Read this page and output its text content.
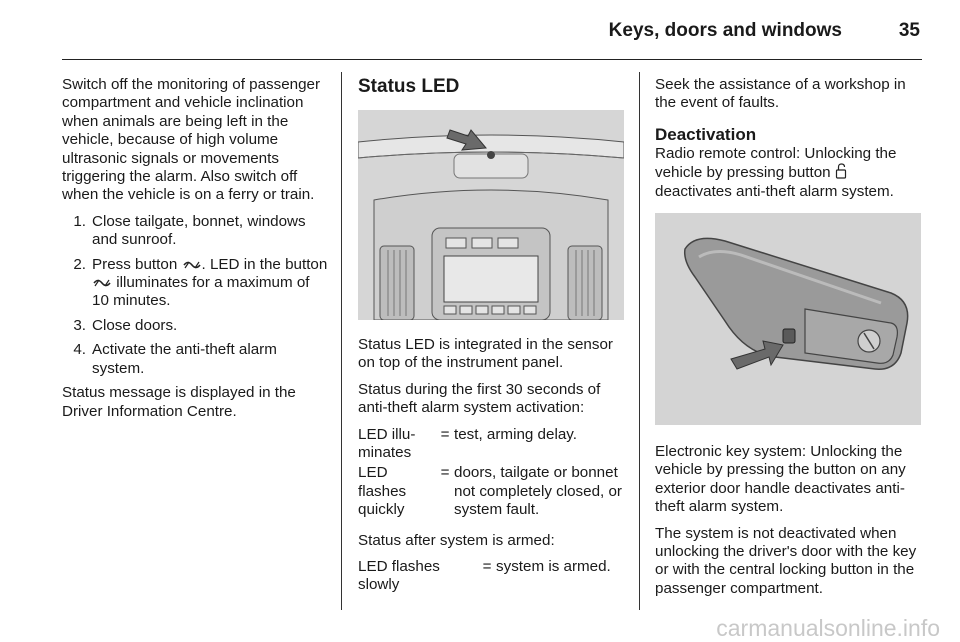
Keys, doors and windows	35

Switch off the monitoring of passenger compartment and vehicle inclination when animals are being left in the vehicle, because of high volume ultrasonic signals or movements triggering the alarm. Also switch off when the vehicle is on a ferry or train.

1. Close tailgate, bonnet, windows and sunroof.
2. Press button . LED in the button  illuminates for a maximum of 10 minutes.
3. Close doors.
4. Activate the anti-theft alarm system.

Status message is displayed in the Driver Information Centre.

Status LED

Status LED is integrated in the sensor on top of the instrument panel.

Status during the first 30 seconds of anti-theft alarm system activation:

LED illu-minates	=	test, arming delay.
LED flashes quickly	=	doors, tailgate or bonnet not completely closed, or system fault.

Status after system is armed:

LED flashes slowly	=	system is armed.

Seek the assistance of a workshop in the event of faults.

Deactivation

Radio remote control: Unlocking the vehicle by pressing button  deactivates anti-theft alarm system.

Electronic key system: Unlocking the vehicle by pressing the button on any exterior door handle deactivates anti-theft alarm system.

The system is not deactivated when unlocking the driver's door with the key or with the central locking button in the passenger compartment.

carmanualsonline.info
